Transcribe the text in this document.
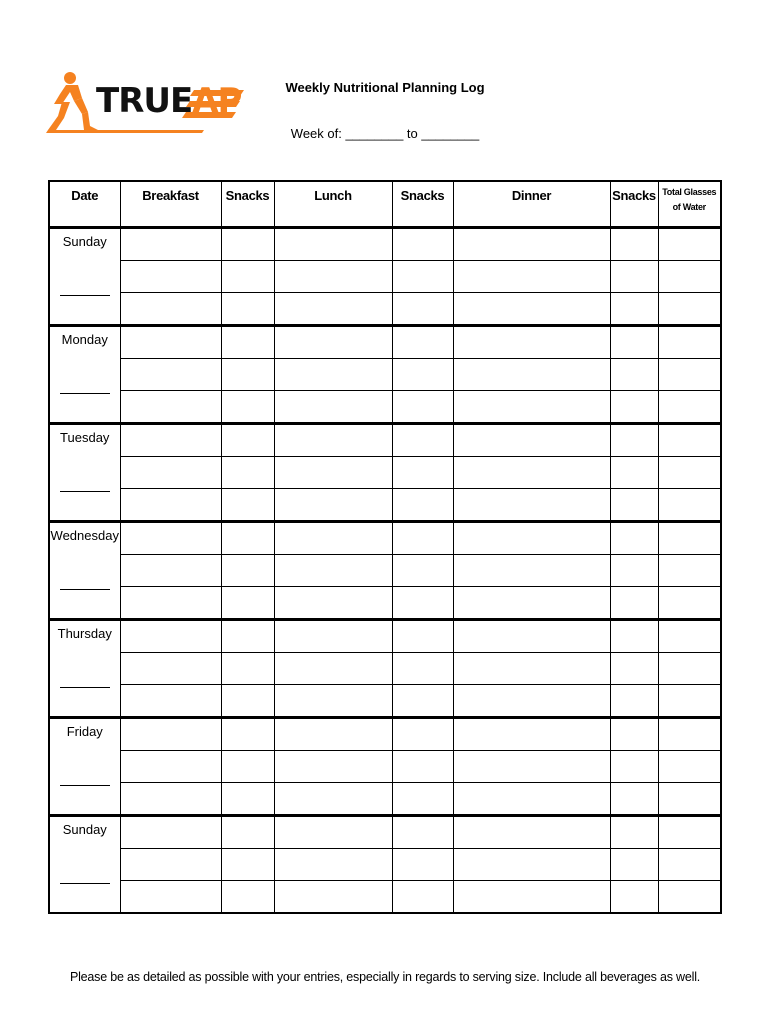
TRUEAP	Weekly Nutritional Planning Log
Week of: ________ to ________
Date	Breakfast	Snacks	Lunch	Snacks	Dinner	Snacks	Total Glasses of Water

Sunday							

Monday							

Tuesday							

Wednesday							

Thursday							

Friday							

Sunday							

Please be as detailed as possible with your entries, especially in regards to serving size. Include all beverages as well.
